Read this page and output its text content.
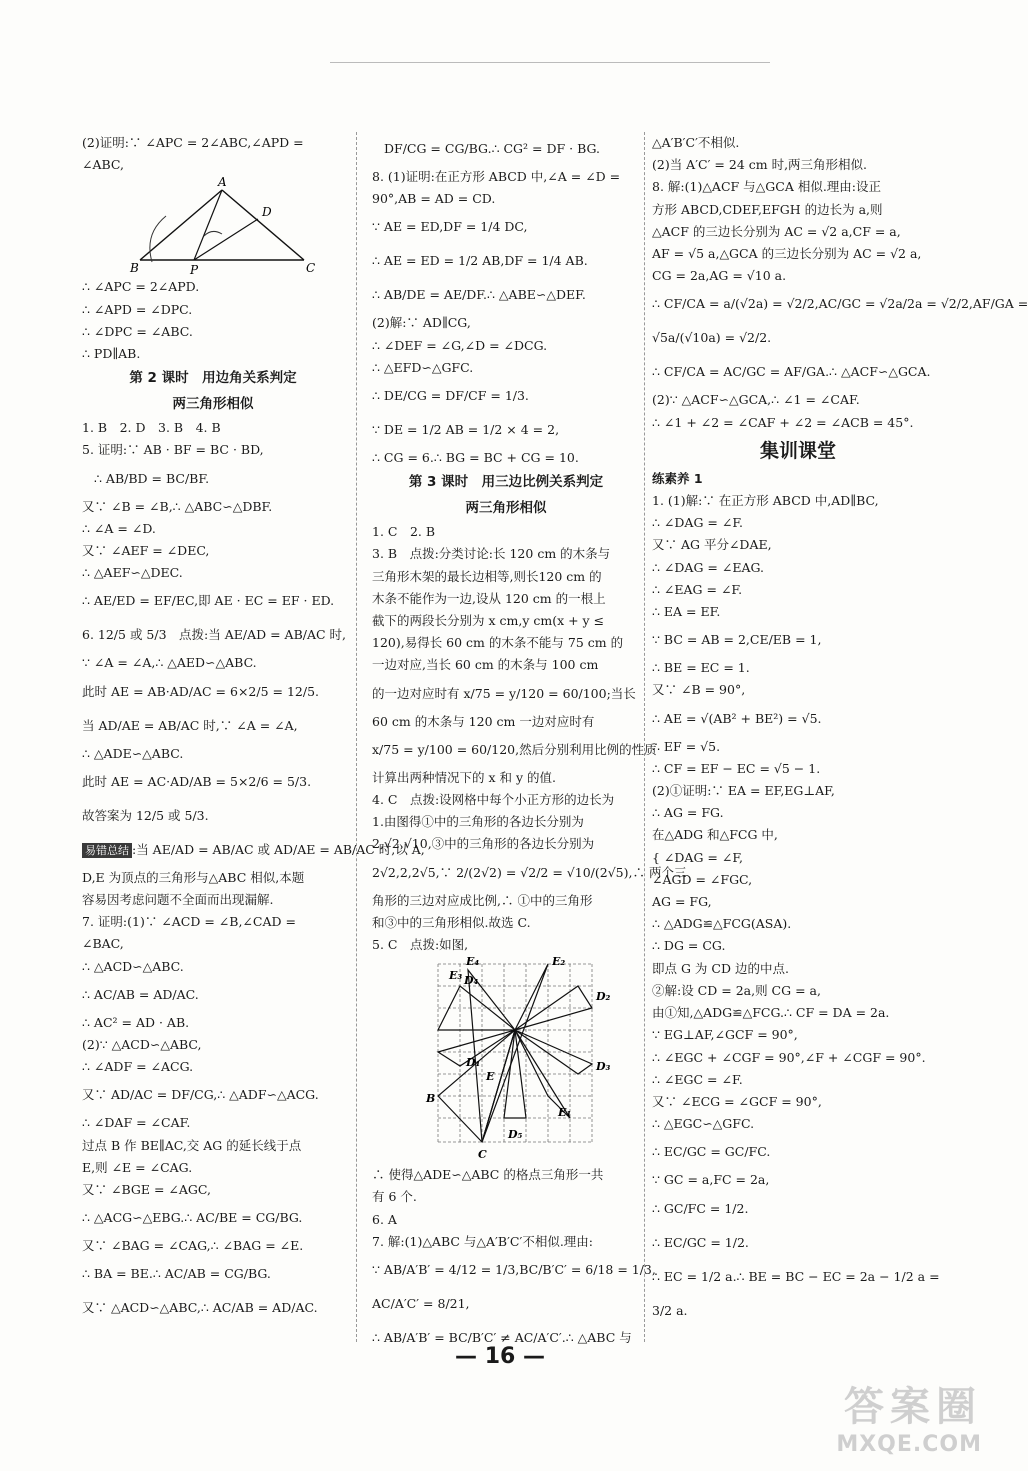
(2)证明:∵ ∠APC = 2∠ABC,∠APD =
∠ABC,
A
D
B	P	C
∴ ∠APC = 2∠APD.
∴ ∠APD = ∠DPC.
∴ ∠DPC = ∠ABC.
∴ PD∥AB.
第 2 课时　用边角关系判定
两三角形相似
1. B　2. D　3. B　4. B
5. 证明:∵ AB · BF = BC · BD,
∴ AB/BD = BC/BF.
又∵ ∠B = ∠B,∴ △ABC∽△DBF.
∴ ∠A = ∠D.
又∵ ∠AEF = ∠DEC,
∴ △AEF∽△DEC.
∴ AE/ED = EF/EC,即 AE · EC = EF · ED.
6. 12/5 或 5/3　点拨:当 AE/AD = AB/AC 时,
∵ ∠A = ∠A,∴ △AED∽△ABC.
此时 AE = AB·AD/AC = 6×2/5 = 12/5.
当 AD/AE = AB/AC 时,∵ ∠A = ∠A,
∴ △ADE∽△ABC.
此时 AE = AC·AD/AB = 5×2/6 = 5/3.
故答案为 12/5 或 5/3.
易错总结 :当 AE/AD = AB/AC 或 AD/AE = AB/AC 时,以 A,
D,E 为顶点的三角形与△ABC 相似,本题
容易因考虑问题不全面而出现漏解.
7. 证明:(1)∵ ∠ACD = ∠B,∠CAD =
∠BAC,
∴ △ACD∽△ABC.
∴ AC/AB = AD/AC.
∴ AC² = AD · AB.
(2)∵ △ACD∽△ABC,
∴ ∠ADF = ∠ACG.
又∵ AD/AC = DF/CG,∴ △ADF∽△ACG.
∴ ∠DAF = ∠CAF.
过点 B 作 BE∥AC,交 AG 的延长线于点
E,则 ∠E = ∠CAG.
又∵ ∠BGE = ∠AGC,
∴ △ACG∽△EBG.∴ AC/BE = CG/BG.
又∵ ∠BAG = ∠CAG,∴ ∠BAG = ∠E.
∴ BA = BE.∴ AC/AB = CG/BG.
又∵ △ACD∽△ABC,∴ AC/AB = AD/AC.
DF/CG = CG/BG.∴ CG² = DF · BG.
8. (1)证明:在正方形 ABCD 中,∠A = ∠D =
90°,AB = AD = CD.
∵ AE = ED,DF = 1/4 DC,
∴ AE = ED = 1/2 AB,DF = 1/4 AB.
∴ AB/DE = AE/DF.∴ △ABE∽△DEF.
(2)解:∵ AD∥CG,
∴ ∠DEF = ∠G,∠D = ∠DCG.
∴ △EFD∽△GFC.
∴ DE/CG = DF/CF = 1/3.
∵ DE = 1/2 AB = 1/2 × 4 = 2,
∴ CG = 6.∴ BG = BC + CG = 10.
第 3 课时　用三边比例关系判定
两三角形相似
1. C　2. B
3. B　点拨:分类讨论:长 120 cm 的木条与
三角形木架的最长边相等,则长120 cm 的
木条不能作为一边,设从 120 cm 的一根上
截下的两段长分别为 x cm,y cm(x + y ≤
120),易得长 60 cm 的木条不能与 75 cm 的
一边对应,当长 60 cm 的木条与 100 cm
的一边对应时有 x/75 = y/120 = 60/100;当长
60 cm 的木条与 120 cm 一边对应时有
x/75 = y/100 = 60/120,然后分别利用比例的性质
计算出两种情况下的 x 和 y 的值.
4. C　点拨:设网格中每个小正方形的边长为
1.由图得①中的三角形的各边长分别为
2,√2,√10,③中的三角形的各边长分别为
2√2,2,2√5,∵ 2/(2√2) = √2/2 = √10/(2√5),∴ 两个三
角形的三边对应成比例,∴ ①中的三角形
和③中的三角形相似.故选 C.
5. C　点拨:如图,
E₄	E₂
E₃ D₄
D₂
D₃
D₁
E
B
D₅
E₁
C
∴ 使得△ADE∽△ABC 的格点三角形一共
有 6 个.
6. A
7. 解:(1)△ABC 与△A′B′C′不相似.理由:
∵ AB/A′B′ = 4/12 = 1/3,BC/B′C′ = 6/18 = 1/3,
AC/A′C′ = 8/21,
∴ AB/A′B′ = BC/B′C′ ≠ AC/A′C′.∴ △ABC 与
△A′B′C′不相似.
(2)当 A′C′ = 24 cm 时,两三角形相似.
8. 解:(1)△ACF 与△GCA 相似.理由:设正
方形 ABCD,CDEF,EFGH 的边长为 a,则
△ACF 的三边长分别为 AC = √2 a,CF = a,
AF = √5 a,△GCA 的三边长分别为 AC = √2 a,
CG = 2a,AG = √10 a.
∴ CF/CA = a/(√2a) = √2/2,AC/GC = √2a/2a = √2/2,AF/GA =
√5a/(√10a) = √2/2.
∴ CF/CA = AC/GC = AF/GA.∴ △ACF∽△GCA.
(2)∵ △ACF∽△GCA,∴ ∠1 = ∠CAF.
∴ ∠1 + ∠2 = ∠CAF + ∠2 = ∠ACB = 45°.
集训课堂
练素养 1
1. (1)解:∵ 在正方形 ABCD 中,AD∥BC,
∴ ∠DAG = ∠F.
又∵ AG 平分∠DAE,
∴ ∠DAG = ∠EAG.
∴ ∠EAG = ∠F.
∴ EA = EF.
∵ BC = AB = 2,CE/EB = 1,
∴ BE = EC = 1.
又∵ ∠B = 90°,
∴ AE = √(AB² + BE²) = √5.
∴ EF = √5.
∴ CF = EF − EC = √5 − 1.
(2)①证明:∵ EA = EF,EG⊥AF,
∴ AG = FG.
在△ADG 和△FCG 中,
{ ∠DAG = ∠F,
∠AGD = ∠FGC,
AG = FG,
∴ △ADG≌△FCG(ASA).
∴ DG = CG.
即点 G 为 CD 边的中点.
②解:设 CD = 2a,则 CG = a,
由①知,△ADG≌△FCG.∴ CF = DA = 2a.
∵ EG⊥AF,∠GCF = 90°,
∴ ∠EGC + ∠CGF = 90°,∠F + ∠CGF = 90°.
∴ ∠EGC = ∠F.
又∵ ∠ECG = ∠GCF = 90°,
∴ △EGC∽△GFC.
∴ EC/GC = GC/FC.
∵ GC = a,FC = 2a,
∴ GC/FC = 1/2.
∴ EC/GC = 1/2.
∴ EC = 1/2 a.∴ BE = BC − EC = 2a − 1/2 a =
3/2 a.
— 16 —
答案圈
MXQE.COM
